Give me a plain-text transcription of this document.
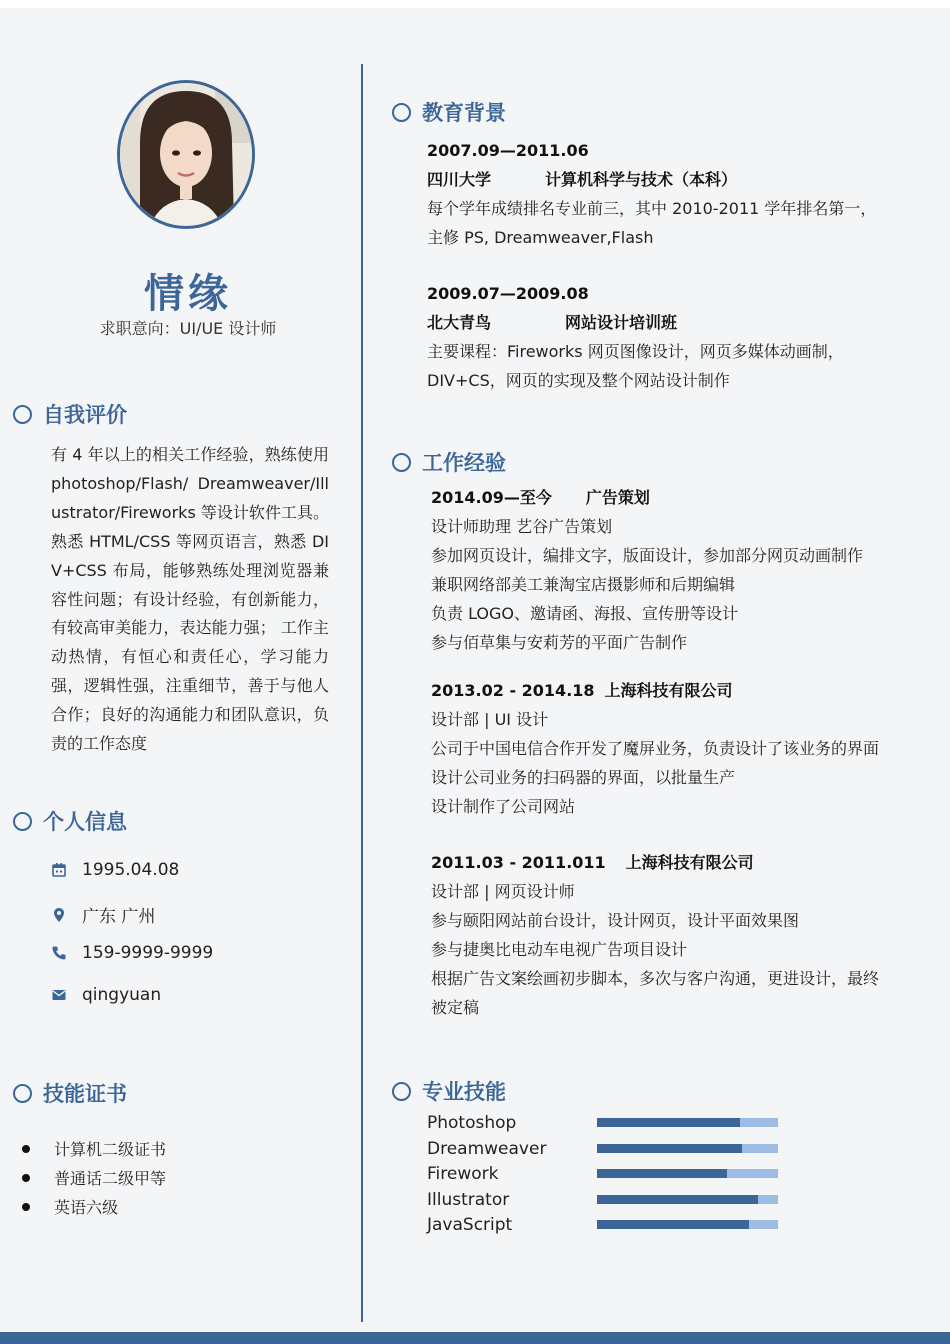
情缘
求职意向：UI/UE 设计师
自我评价
有 4 年以上的相关工作经验，熟练使用 photoshop/Flash/ Dreamweaver/Illustrator/Fireworks 等设计软件工具。熟悉 HTML/CSS 等网页语言，熟悉 DIV+CSS 布局，能够熟练处理浏览器兼容性问题；有设计经验，有创新能力，有较高审美能力，表达能力强； 工作主动热情，有恒心和责任心，学习能力强，逻辑性强，注重细节，善于与他人合作；良好的沟通能力和团队意识，负责的工作态度
个人信息
1995.04.08
广东 广州
159-9999-9999
qingyuan
技能证书
计算机二级证书
普通话二级甲等
英语六级
教育背景
2007.09—2011.06
四川大学	计算机科学与技术（本科）
每个学年成绩排名专业前三，其中 2010-2011 学年排名第一，
主修 PS, Dreamweaver,Flash
2009.07—2009.08
北大青鸟	网站设计培训班
主要课程：Fireworks 网页图像设计，网页多媒体动画制，
DIV+CS，网页的实现及整个网站设计制作
工作经验
2014.09—至今 广告策划
设计师助理 艺谷广告策划
参加网页设计，编排文字，版面设计，参加部分网页动画制作
兼职网络部美工兼淘宝店摄影师和后期编辑
负责 LOGO、邀请函、海报、宣传册等设计
参与佰草集与安莉芳的平面广告制作
2013.02 - 2014.18 上海科技有限公司
设计部 | UI 设计
公司于中国电信合作开发了魔屏业务，负责设计了该业务的界面
设计公司业务的扫码器的界面，以批量生产
设计制作了公司网站
2011.03 - 2011.011 上海科技有限公司
设计部 | 网页设计师
参与颐阳网站前台设计，设计网页，设计平面效果图
参与捷奥比电动车电视广告项目设计
根据广告文案绘画初步脚本，多次与客户沟通，更进设计，最终
被定稿
专业技能
Photoshop
Dreamweaver
Firework
Illustrator
JavaScript
